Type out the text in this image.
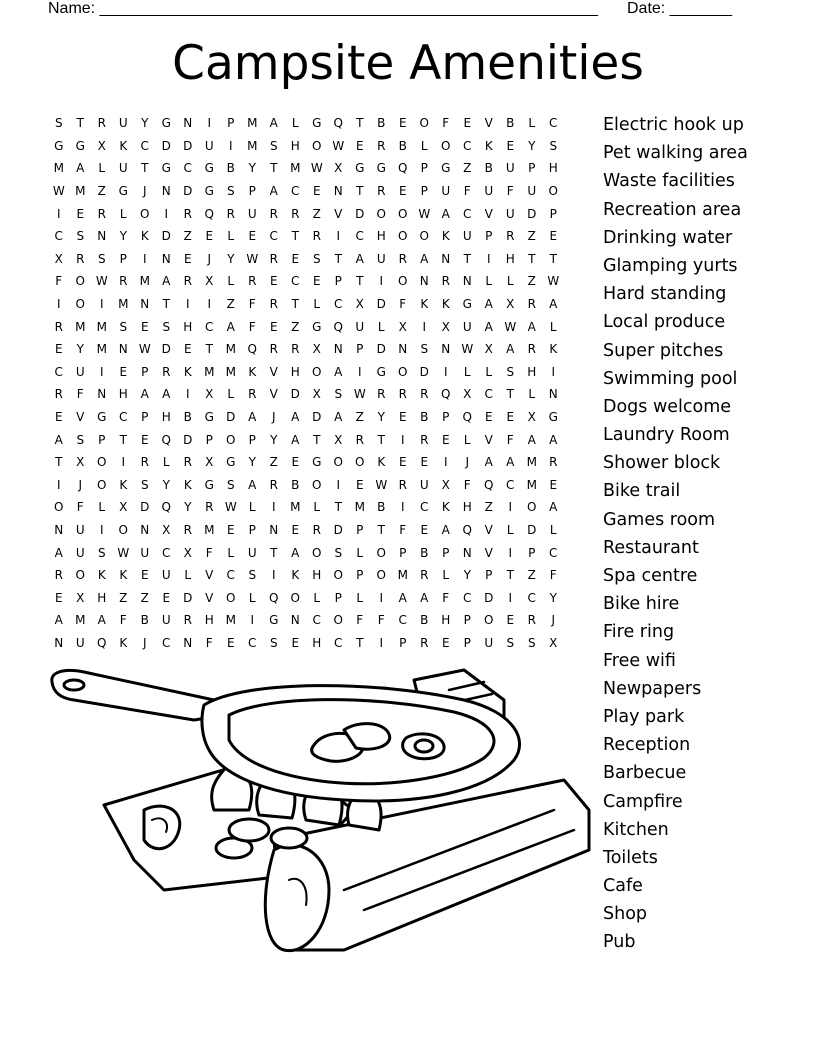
Name: ________________________________________________________ Date: _______
Campsite Amenities
S	T	R	U	Y	G	N	I	P	M	A	L	G	Q	T	B	E	O	F	E	V	B	L	C
G	G	X	K	C	D	D	U	I	M	S	H	O W E	R	B	L	O	C	K	E	Y	S
M	A	L	U	T	G	C	G	B	Y	T	M W X	G	G	Q	P	G	Z	B	U	P	H
W M	Z	G	J	N	D	G	S	P	A	C	E	N	T	R	E	P	U	F	U	F	U	O
I	E	R	L	O	I	R	Q	R	U	R	R	Z	V	D	O	O W A	C	V	U	D	P
C	S	N	Y	K	D	Z	E	L	E	C	T	R	I	C	H	O	O	K	U	P	R	Z	E
X	R	S	P	I	N	E	J	Y W R	E	S	T	A	U	R	A	N	T	I	H	T	T
F	O W R	M	A	R	X	L	R	E	C	E	P	T	I	O	N	R	N	L	L	Z W
I	O	I	M N	T	I	I	Z	F	R	T	L	C	X	D	F	K	K	G	A	X	R	A
R	M M	S	E	S	H	C	A	F	E	Z	G	Q	U	L	X	I	X	U	A W A	L
E	Y	M N W D	E	T	M Q	R	R	X	N	P	D	N	S	N W X	A	R	K
C	U	I	E	P	R	K	M M	K	V	H	O	A	I	G	O	D	I	L	L	S	H	I
R	F	N	H	A	A	I	X	L	R	V	D	X	S W R	R	R	Q	X	C	T	L	N
E	V	G	C	P	H	B	G	D	A	J	A	D	A	Z	Y	E	B	P	Q	E	E	X	G
A	S	P	T	E	Q	D	P	O	P	Y	A	T	X	R	T	I	R	E	L	V	F	A	A
T	X	O	I	R	L	R	X	G	Y	Z	E	G	O	O	K	E	E	I	J	A	A	M	R
I	J	O	K	S	Y	K	G	S	A	R	B	O	I	E W R	U	X	F	Q	C	M	E
O	F	L	X	D	Q	Y	R W	L	I	M	L	T	M	B	I	C	K	H	Z	I	O	A
N	U	I	O	N	X	R	M	E	P	N	E	R	D	P	T	F	E	A	Q	V	L	D	L
A	U	S W U	C	X	F	L	U	T	A	O	S	L	O	P	B	P	N	V	I	P	C
R	O	K	K	E	U	L	V	C	S	I	K	H	O	P	O M	R	L	Y	P	T	Z	F
E	X	H	Z	Z	E	D	V	O	L	Q	O	L	P	L	I	A	A	F	C	D	I	C	Y
A	M	A	F	B	U	R	H M	I	G	N	C	O	F	F	C	B	H	P	O	E	R	J
N	U	Q	K	J	C	N	F	E	C	S	E	H	C	T	I	P	R	E	P	U	S	S	X
Electric hook up
Pet walking area
Waste facilities
Recreation area
Drinking water
Glamping yurts
Hard standing
Local produce
Super pitches
Swimming pool
Dogs welcome
Laundry Room
Shower block
Bike trail
Games room
Restaurant
Spa centre
Bike hire
Fire ring
Free wifi
Newpapers
Play park
Reception
Barbecue
Campfire
Kitchen
Toilets
Cafe
Shop
Pub
